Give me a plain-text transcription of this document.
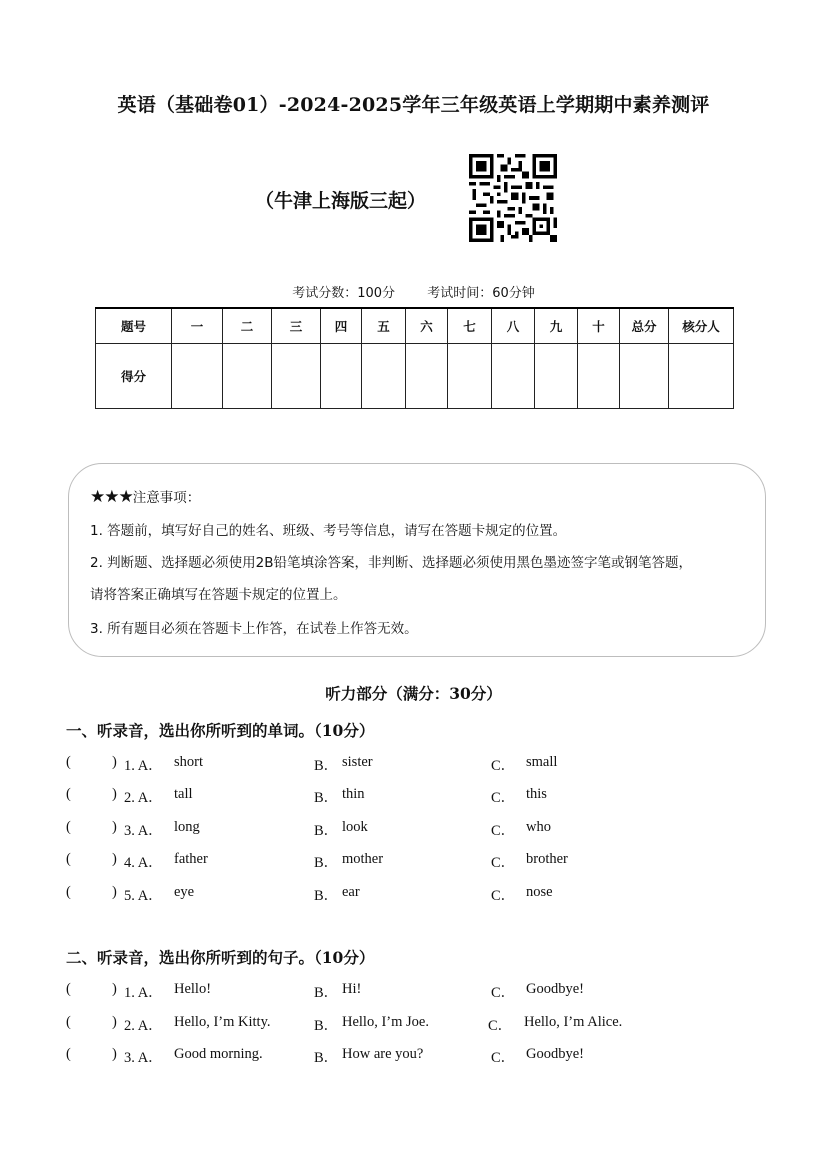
英语（基础卷01）-2024-2025学年三年级英语上学期期中素养测评
（牛津上海版三起）
考试分数：100分 考试时间：60分钟
题号	一	二	三	四	五	六	七	八	九	十	总分	核分人
得分												
★★★注意事项：
1. 答题前，填写好自己的姓名、班级、考号等信息，请写在答题卡规定的位置。
2. 判断题、选择题必须使用2B铅笔填涂答案，非判断、选择题必须使用黑色墨迹签字笔或钢笔答题，
请将答案正确填写在答题卡规定的位置上。
3. 所有题目必须在答题卡上作答，在试卷上作答无效。
听力部分（满分：30分）
一、听录音，选出你所听到的单词。（10分）
(	) 1. A． short	B． sister	C． small
(	) 2. A． tall	B． thin	C． this
(	) 3. A． long	B． look	C． who
(	) 4. A． father	B． mother	C． brother
(	) 5. A． eye	B． ear	C． nose
二、听录音，选出你所听到的句子。（10分）
(	) 1. A． Hello!	B． Hi!	C． Goodbye!
(	) 2. A． Hello, I’m Kitty.	B． Hello, I’m Joe.	C． Hello, I’m Alice.
(	) 3. A． Good morning.	B． How are you?	C． Goodbye!
